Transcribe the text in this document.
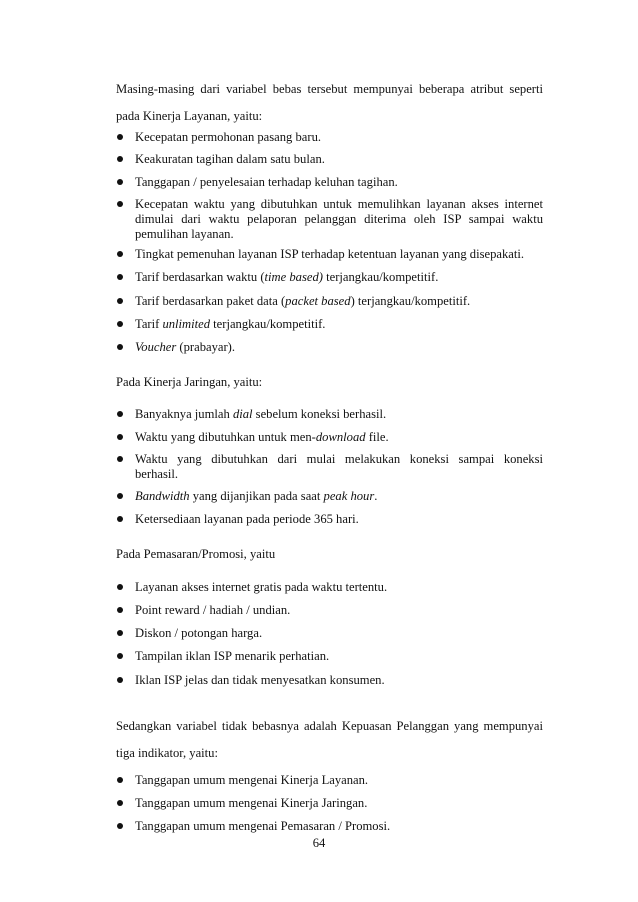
Masing-masing dari variabel bebas tersebut mempunyai beberapa atribut seperti
pada Kinerja Layanan, yaitu:

Kecepatan permohonan pasang baru.
Keakuratan tagihan dalam satu bulan.
Tanggapan / penyelesaian terhadap keluhan tagihan.
Kecepatan waktu yang dibutuhkan untuk memulihkan layanan akses internet
dimulai dari waktu pelaporan pelanggan diterima oleh ISP sampai waktu
pemulihan layanan.
Tingkat pemenuhan layanan ISP terhadap ketentuan layanan yang disepakati.
Tarif berdasarkan waktu (time based) terjangkau/kompetitif.
Tarif berdasarkan paket data (packet based) terjangkau/kompetitif.
Tarif unlimited terjangkau/kompetitif.
Voucher (prabayar).

Pada Kinerja Jaringan, yaitu:

Banyaknya jumlah dial sebelum koneksi berhasil.
Waktu yang dibutuhkan untuk men-download file.
Waktu yang dibutuhkan dari mulai melakukan koneksi sampai koneksi
berhasil.
Bandwidth yang dijanjikan pada saat peak hour.
Ketersediaan layanan pada periode 365 hari.

Pada Pemasaran/Promosi, yaitu

Layanan akses internet gratis pada waktu tertentu.
Point reward / hadiah / undian.
Diskon / potongan harga.
Tampilan iklan ISP menarik perhatian.
Iklan ISP jelas dan tidak menyesatkan konsumen.

Sedangkan variabel tidak bebasnya adalah Kepuasan Pelanggan yang mempunyai
tiga indikator, yaitu:

Tanggapan umum mengenai Kinerja Layanan.
Tanggapan umum mengenai Kinerja Jaringan.
Tanggapan umum mengenai Pemasaran / Promosi.
64
